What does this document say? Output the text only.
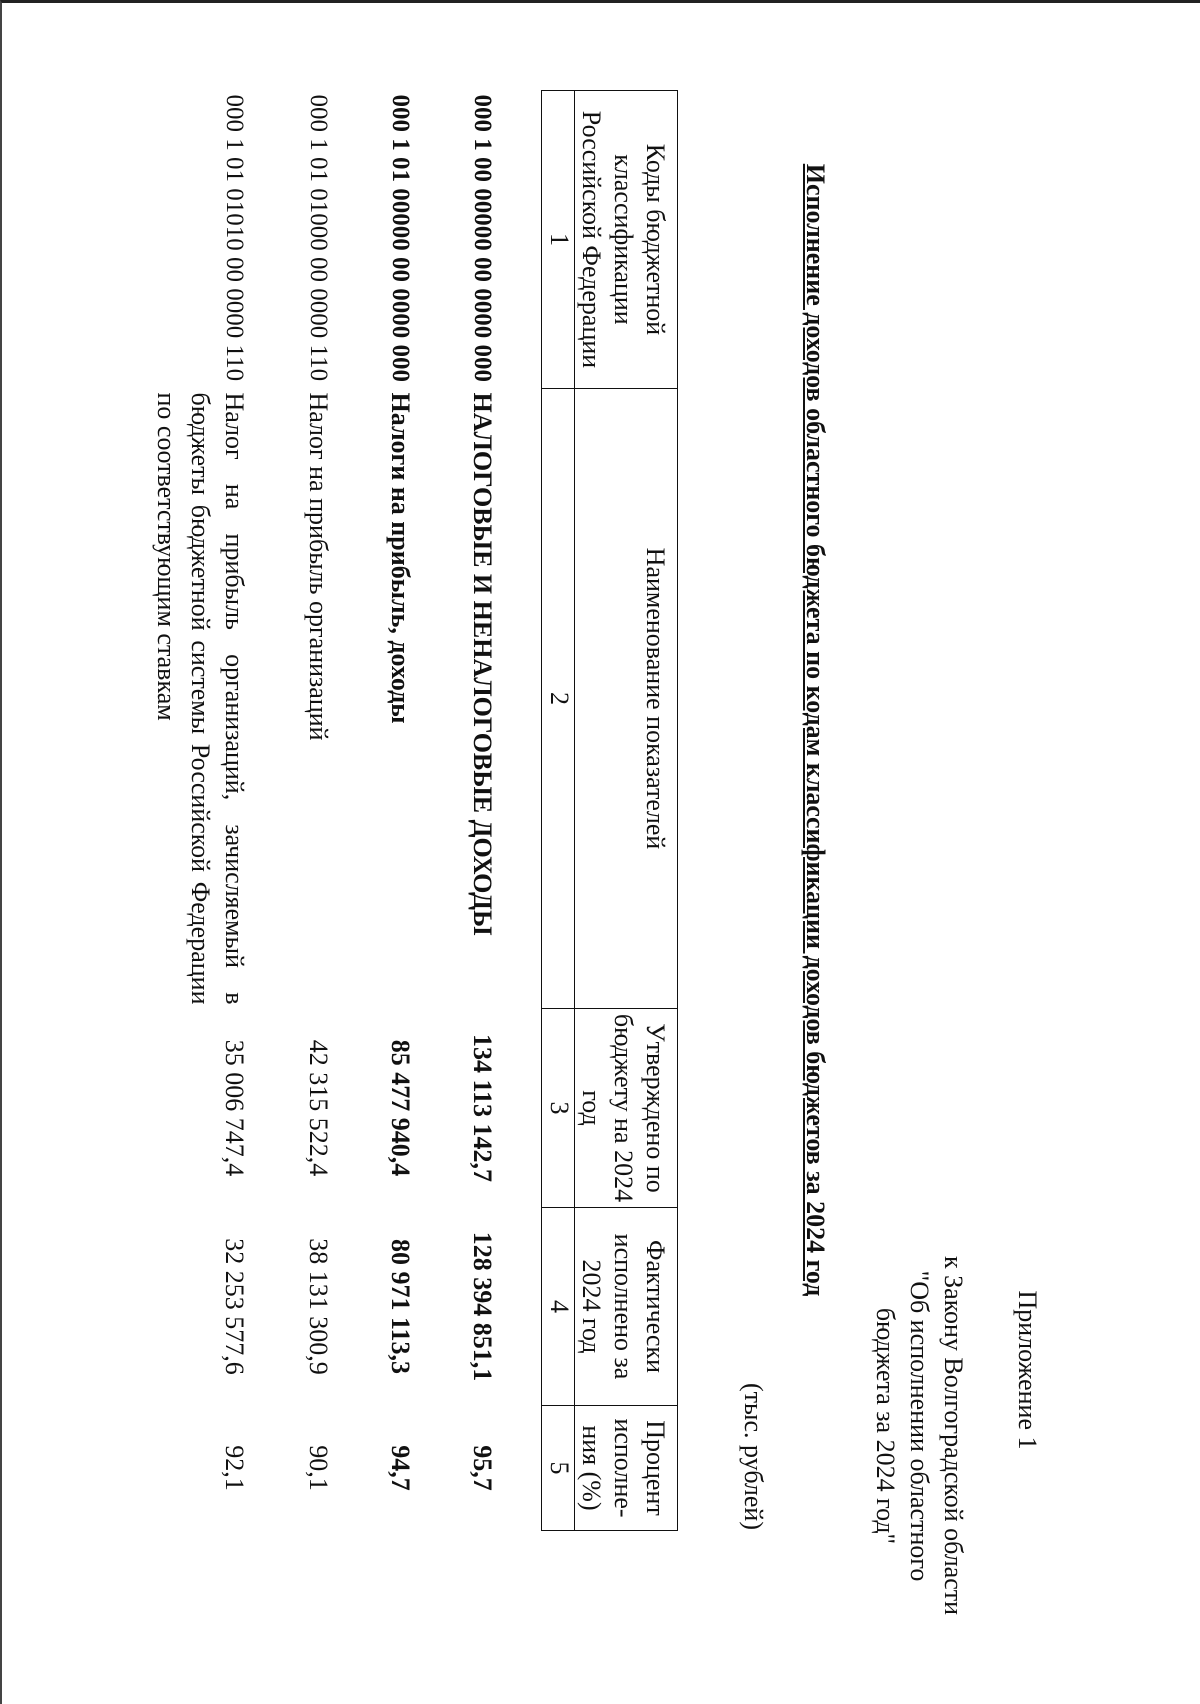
Приложение 1
к Закону Волгоградской области
"Об исполнении областного
бюджета за 2024 год"
Исполнение доходов областного бюджета по кодам классификации доходов бюджетов за 2024 год
(тыс. рублей)
Коды бюджетной классификации Российской Федерации	Наименование показателей	Утверждено по бюджету на 2024 год	Фактически исполнено за 2024 год	Процент исполне- ния (%)
1	2	3	4	5

000 1 00 00000 00 0000 000	НАЛОГОВЫЕ И НЕНАЛОГОВЫЕ ДОХОДЫ	134 113 142,7	128 394 851,1	95,7
000 1 01 00000 00 0000 000	Налоги на прибыль, доходы	85 477 940,4	80 971 113,3	94,7
000 1 01 01000 00 0000 110	Налог на прибыль организаций	42 315 522,4	38 131 300,9	90,1
000 1 01 01010 00 0000 110	Налог на прибыль организаций, зачисляемый в бюджеты бюджетной системы Российской Федерации по соответствующим ставкам	35 006 747,4	32 253 577,6	92,1
